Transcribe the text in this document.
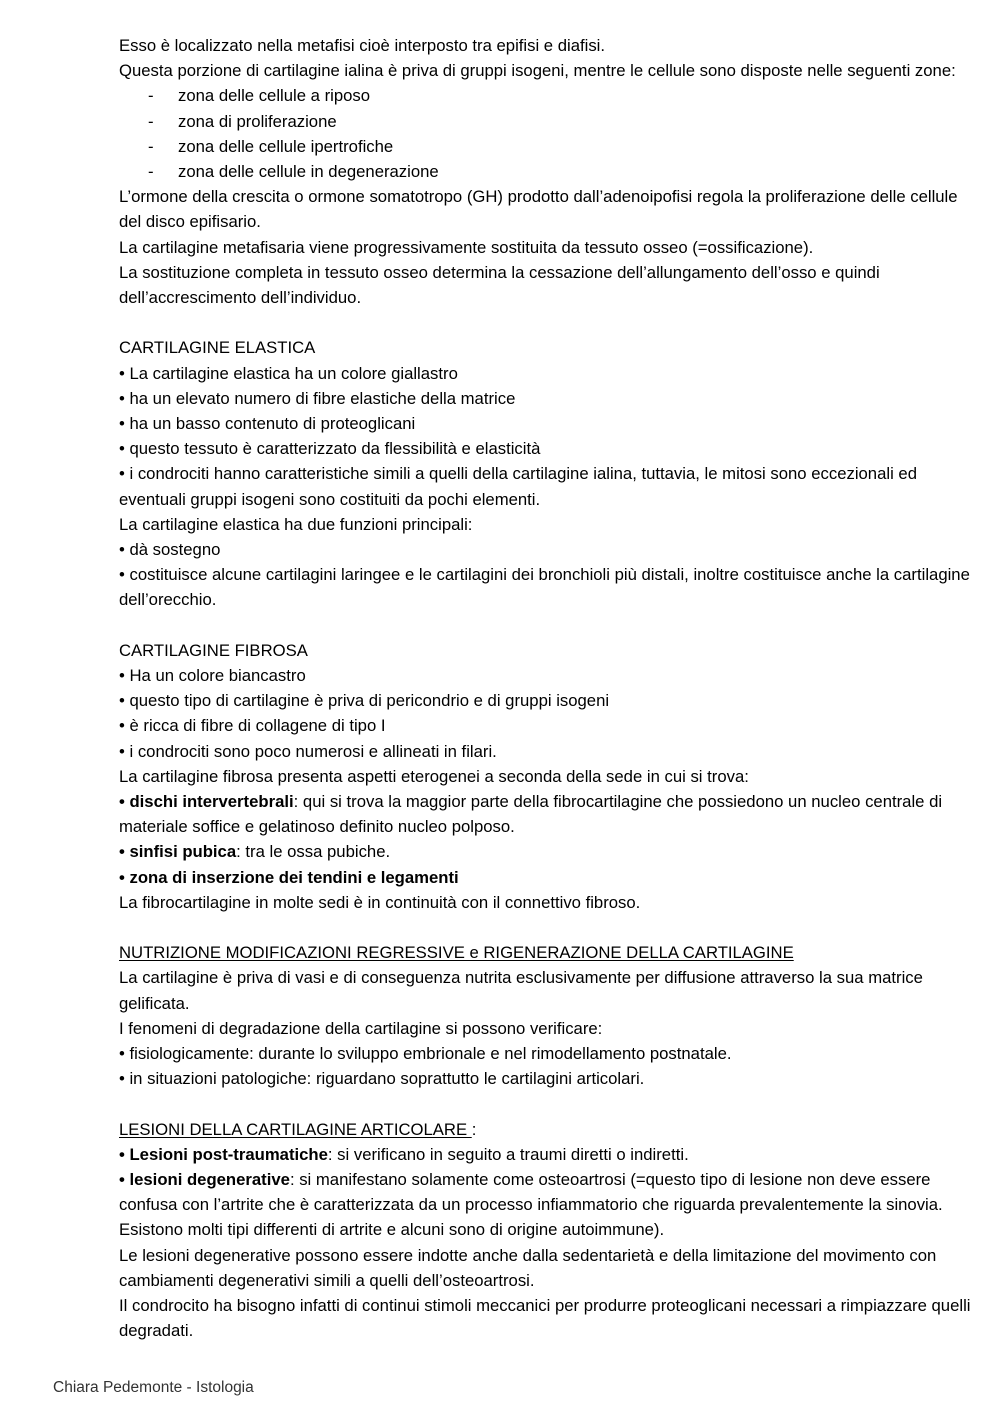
Esso è localizzato nella metafisi cioè interposto tra epifisi e diafisi.

Questa porzione di cartilagine ialina è priva di gruppi isogeni, mentre le cellule sono disposte nelle seguenti zone:

-	zona delle cellule a riposo
-	zona di proliferazione
-	zona delle cellule ipertrofiche
-	zona delle cellule in degenerazione

L’ormone della crescita o ormone somatotropo (GH) prodotto dall’adenoipofisi regola la proliferazione delle cellule del disco epifisario.

La cartilagine metafisaria viene progressivamente sostituita da tessuto osseo (=ossificazione).

La sostituzione completa in tessuto osseo determina la cessazione dell’allungamento dell’osso e quindi dell’accrescimento dell’individuo.

CARTILAGINE ELASTICA

• La cartilagine elastica ha un colore giallastro

• ha un elevato numero di fibre elastiche della matrice

• ha un basso contenuto di proteoglicani

• questo tessuto è caratterizzato da flessibilità e elasticità

• i condrociti hanno caratteristiche simili a quelli della cartilagine ialina, tuttavia, le mitosi sono eccezionali ed eventuali gruppi isogeni sono costituiti da pochi elementi.

La cartilagine elastica ha due funzioni principali:

• dà sostegno

• costituisce alcune cartilagini laringee e le cartilagini dei bronchioli più distali, inoltre costituisce anche la cartilagine dell’orecchio.

CARTILAGINE FIBROSA

• Ha un colore biancastro

• questo tipo di cartilagine è priva di pericondrio e di gruppi isogeni

• è ricca di fibre di collagene di tipo I

• i condrociti sono poco numerosi e allineati in filari.

La cartilagine fibrosa presenta aspetti eterogenei a seconda della sede in cui si trova:

• dischi intervertebrali: qui si trova la maggior parte della fibrocartilagine che possiedono un nucleo centrale di materiale soffice e gelatinoso definito nucleo polposo.

• sinfisi pubica: tra le ossa pubiche.

• zona di inserzione dei tendini e legamenti

La fibrocartilagine in molte sedi è in continuità con il connettivo fibroso.

NUTRIZIONE MODIFICAZIONI REGRESSIVE e RIGENERAZIONE DELLA CARTILAGINE

La cartilagine è priva di vasi e di conseguenza nutrita esclusivamente per diffusione attraverso la sua matrice gelificata.

I fenomeni di degradazione della cartilagine si possono verificare:

• fisiologicamente: durante lo sviluppo embrionale e nel rimodellamento postnatale.

• in situazioni patologiche: riguardano soprattutto le cartilagini articolari.

LESIONI DELLA CARTILAGINE ARTICOLARE :

• Lesioni post-traumatiche: si verificano in seguito a traumi diretti o indiretti.

• lesioni degenerative: si manifestano solamente come osteoartrosi (=questo tipo di lesione non deve essere confusa con l’artrite che è caratterizzata da un processo infiammatorio che riguarda prevalentemente la sinovia. Esistono molti tipi differenti di artrite e alcuni sono di origine autoimmune).

Le lesioni degenerative possono essere indotte anche dalla sedentarietà e della limitazione del movimento con cambiamenti degenerativi simili a quelli dell’osteoartrosi.

Il condrocito ha bisogno infatti di continui stimoli meccanici per produrre proteoglicani necessari a rimpiazzare quelli degradati.

Chiara Pedemonte - Istologia
